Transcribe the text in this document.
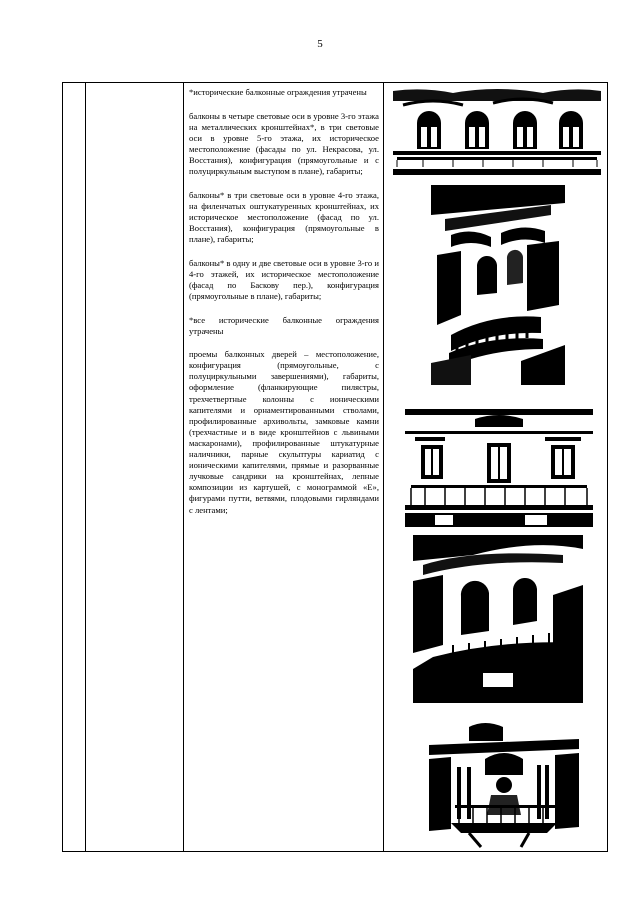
5

*исторические балконные ограждения утрачены

балконы в четыре световые оси в уровне 3-го этажа на металлических кронштейнах*, в три световые оси в уровне 5-го этажа, их историческое местоположение (фасады по ул. Некрасова, ул. Восстания), конфигурация (прямоугольные и с полуциркульным выступом в плане), габариты;

балконы* в три световые оси в уровне 4-го этажа, на филенчатых оштукатуренных кронштейнах, их историческое местоположение (фасад по ул. Восстания), конфигурация (прямоугольные в плане), габариты;

балконы* в одну и две световые оси в уровне 3-го и 4-го этажей, их историческое местоположение (фасад по Баскову пер.), конфигурация (прямоугольные в плане), габариты;

*все исторические балконные ограждения утрачены

проемы балконных дверей – местоположение, конфигурация (прямоугольные, с полуциркульными завершениями), габариты, оформление (фланкирующие пилястры, трехчетвертные колонны с ионическими капителями и орнаментированными стволами, профилированные архивольты, замковые камни (трехчастные и в виде кронштейнов с львиными маскаронами), профилированные штукатурные наличники, парные скульптуры кариатид с ионическими капителями, прямые и разорванные лучковые сандрики на кронштейнах, лепные композиции из картушей, с монограммой «Е», фигурами путти, ветвями, плодовыми гирляндами с лентами;
